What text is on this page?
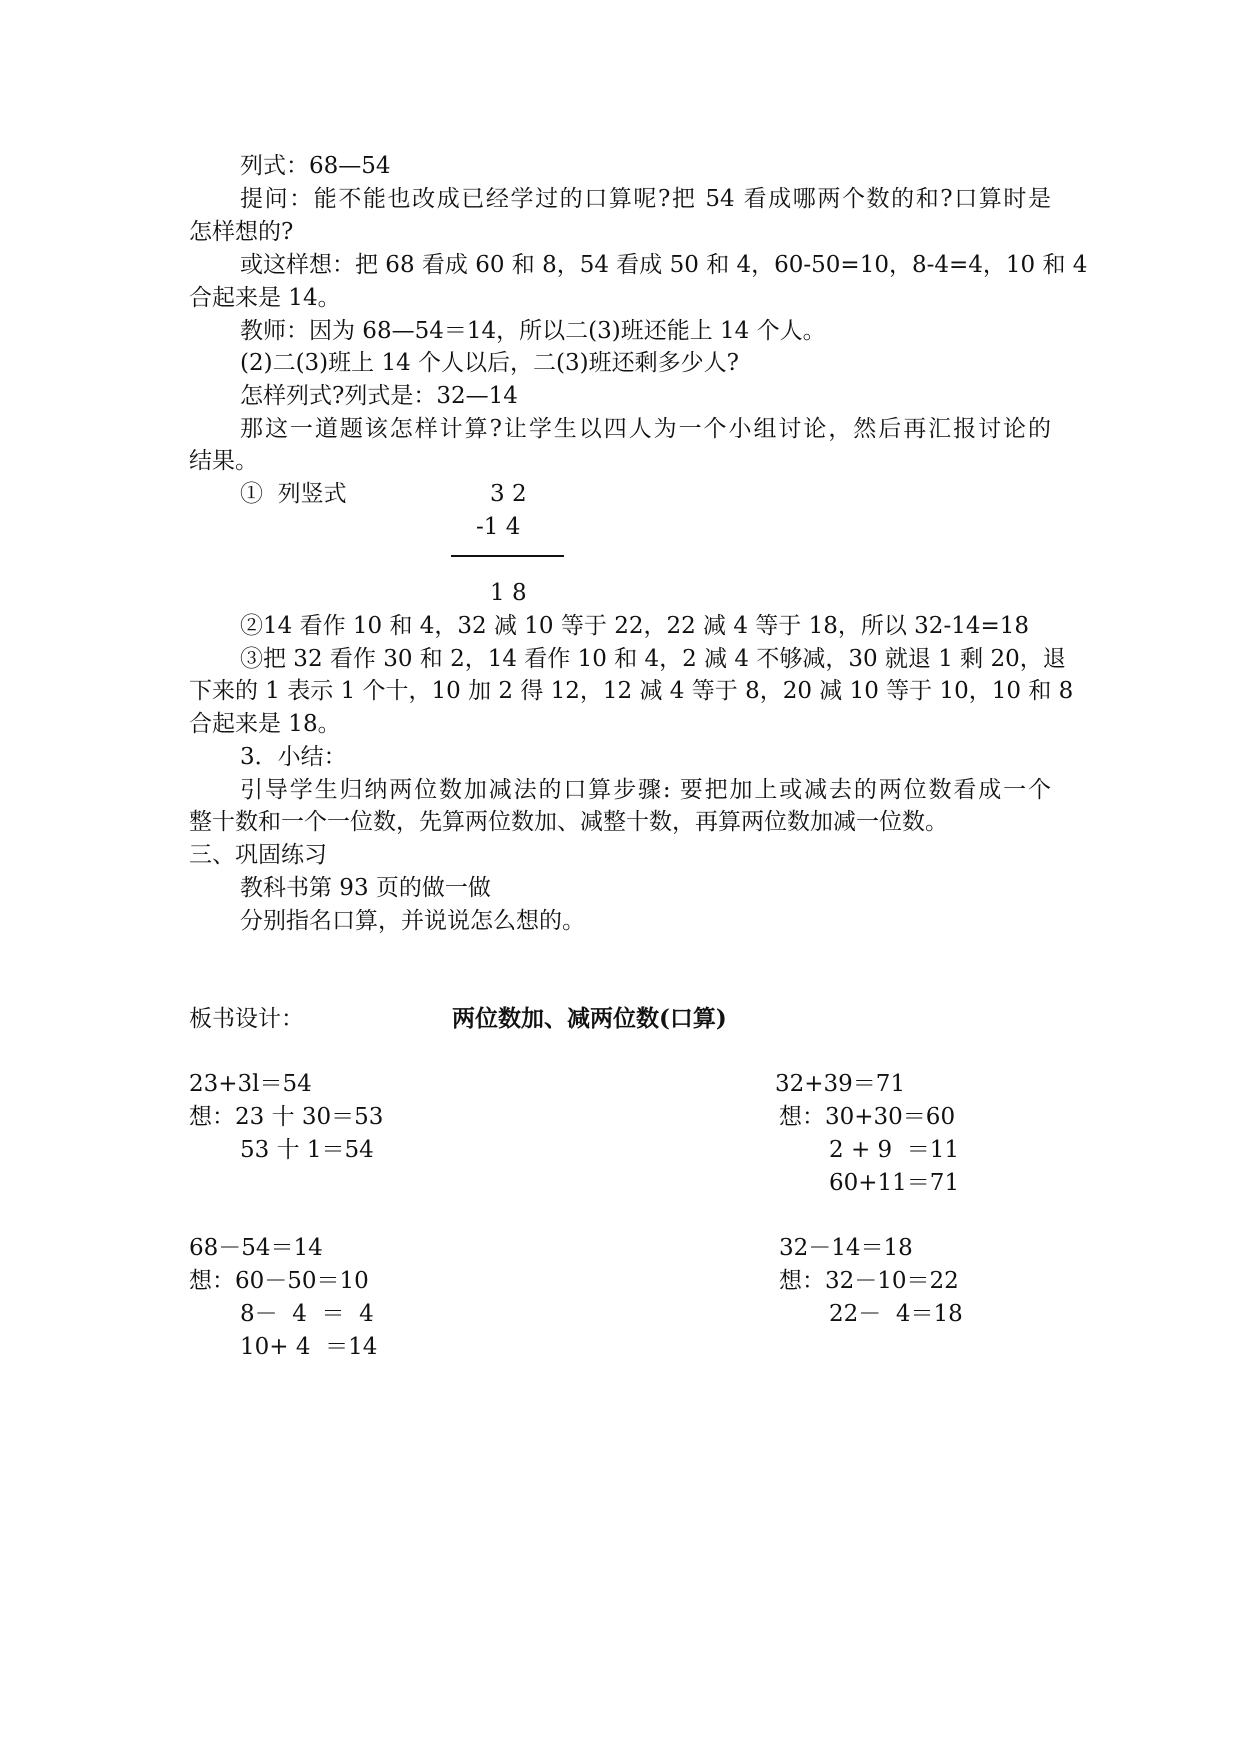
列式：68—54

提问：能不能也改成已经学过的口算呢?把 54 看成哪两个数的和?口算时是

怎样想的?

或这样想：把 68 看成 60 和 8，54 看成 50 和 4，60-50=10，8-4=4，10 和 4

合起来是 14。

教师：因为 68—54＝14，所以二(3)班还能上 14 个人。

(2)二(3)班上 14 个人以后，二(3)班还剩多少人?

怎样列式?列式是：32—14

那这一道题该怎样计算?让学生以四人为一个小组讨论，然后再汇报讨论的

结果。

①  列竖式	3 2

-1 4

1 8

②14 看作 10 和 4，32 减 10 等于 22，22 减 4 等于 18，所以 32-14=18

③把 32 看作 30 和 2，14 看作 10 和 4，2 减 4 不够减，30 就退 1 剩 20，退

下来的 1 表示 1 个十，10 加 2 得 12，12 减 4 等于 8，20 减 10 等于 10，10 和 8

合起来是 18。

3．小结：

引导学生归纳两位数加减法的口算步骤: 要把加上或减去的两位数看成一个

整十数和一个一位数，先算两位数加、减整十数，再算两位数加减一位数。

三、巩固练习

教科书第 93 页的做一做

分别指名口算，并说说怎么想的。

板书设计：	两位数加、减两位数(口算)

23+3l＝54

想：23 十 30＝53

53 十 1＝54

32+39＝71

想：30+30＝60

2 + 9  ＝11

60+11＝71

68－54＝14

想：60－50＝10

8－  4  ＝  4

10+ 4  ＝14

32－14＝18

想：32－10＝22

22－  4＝18
